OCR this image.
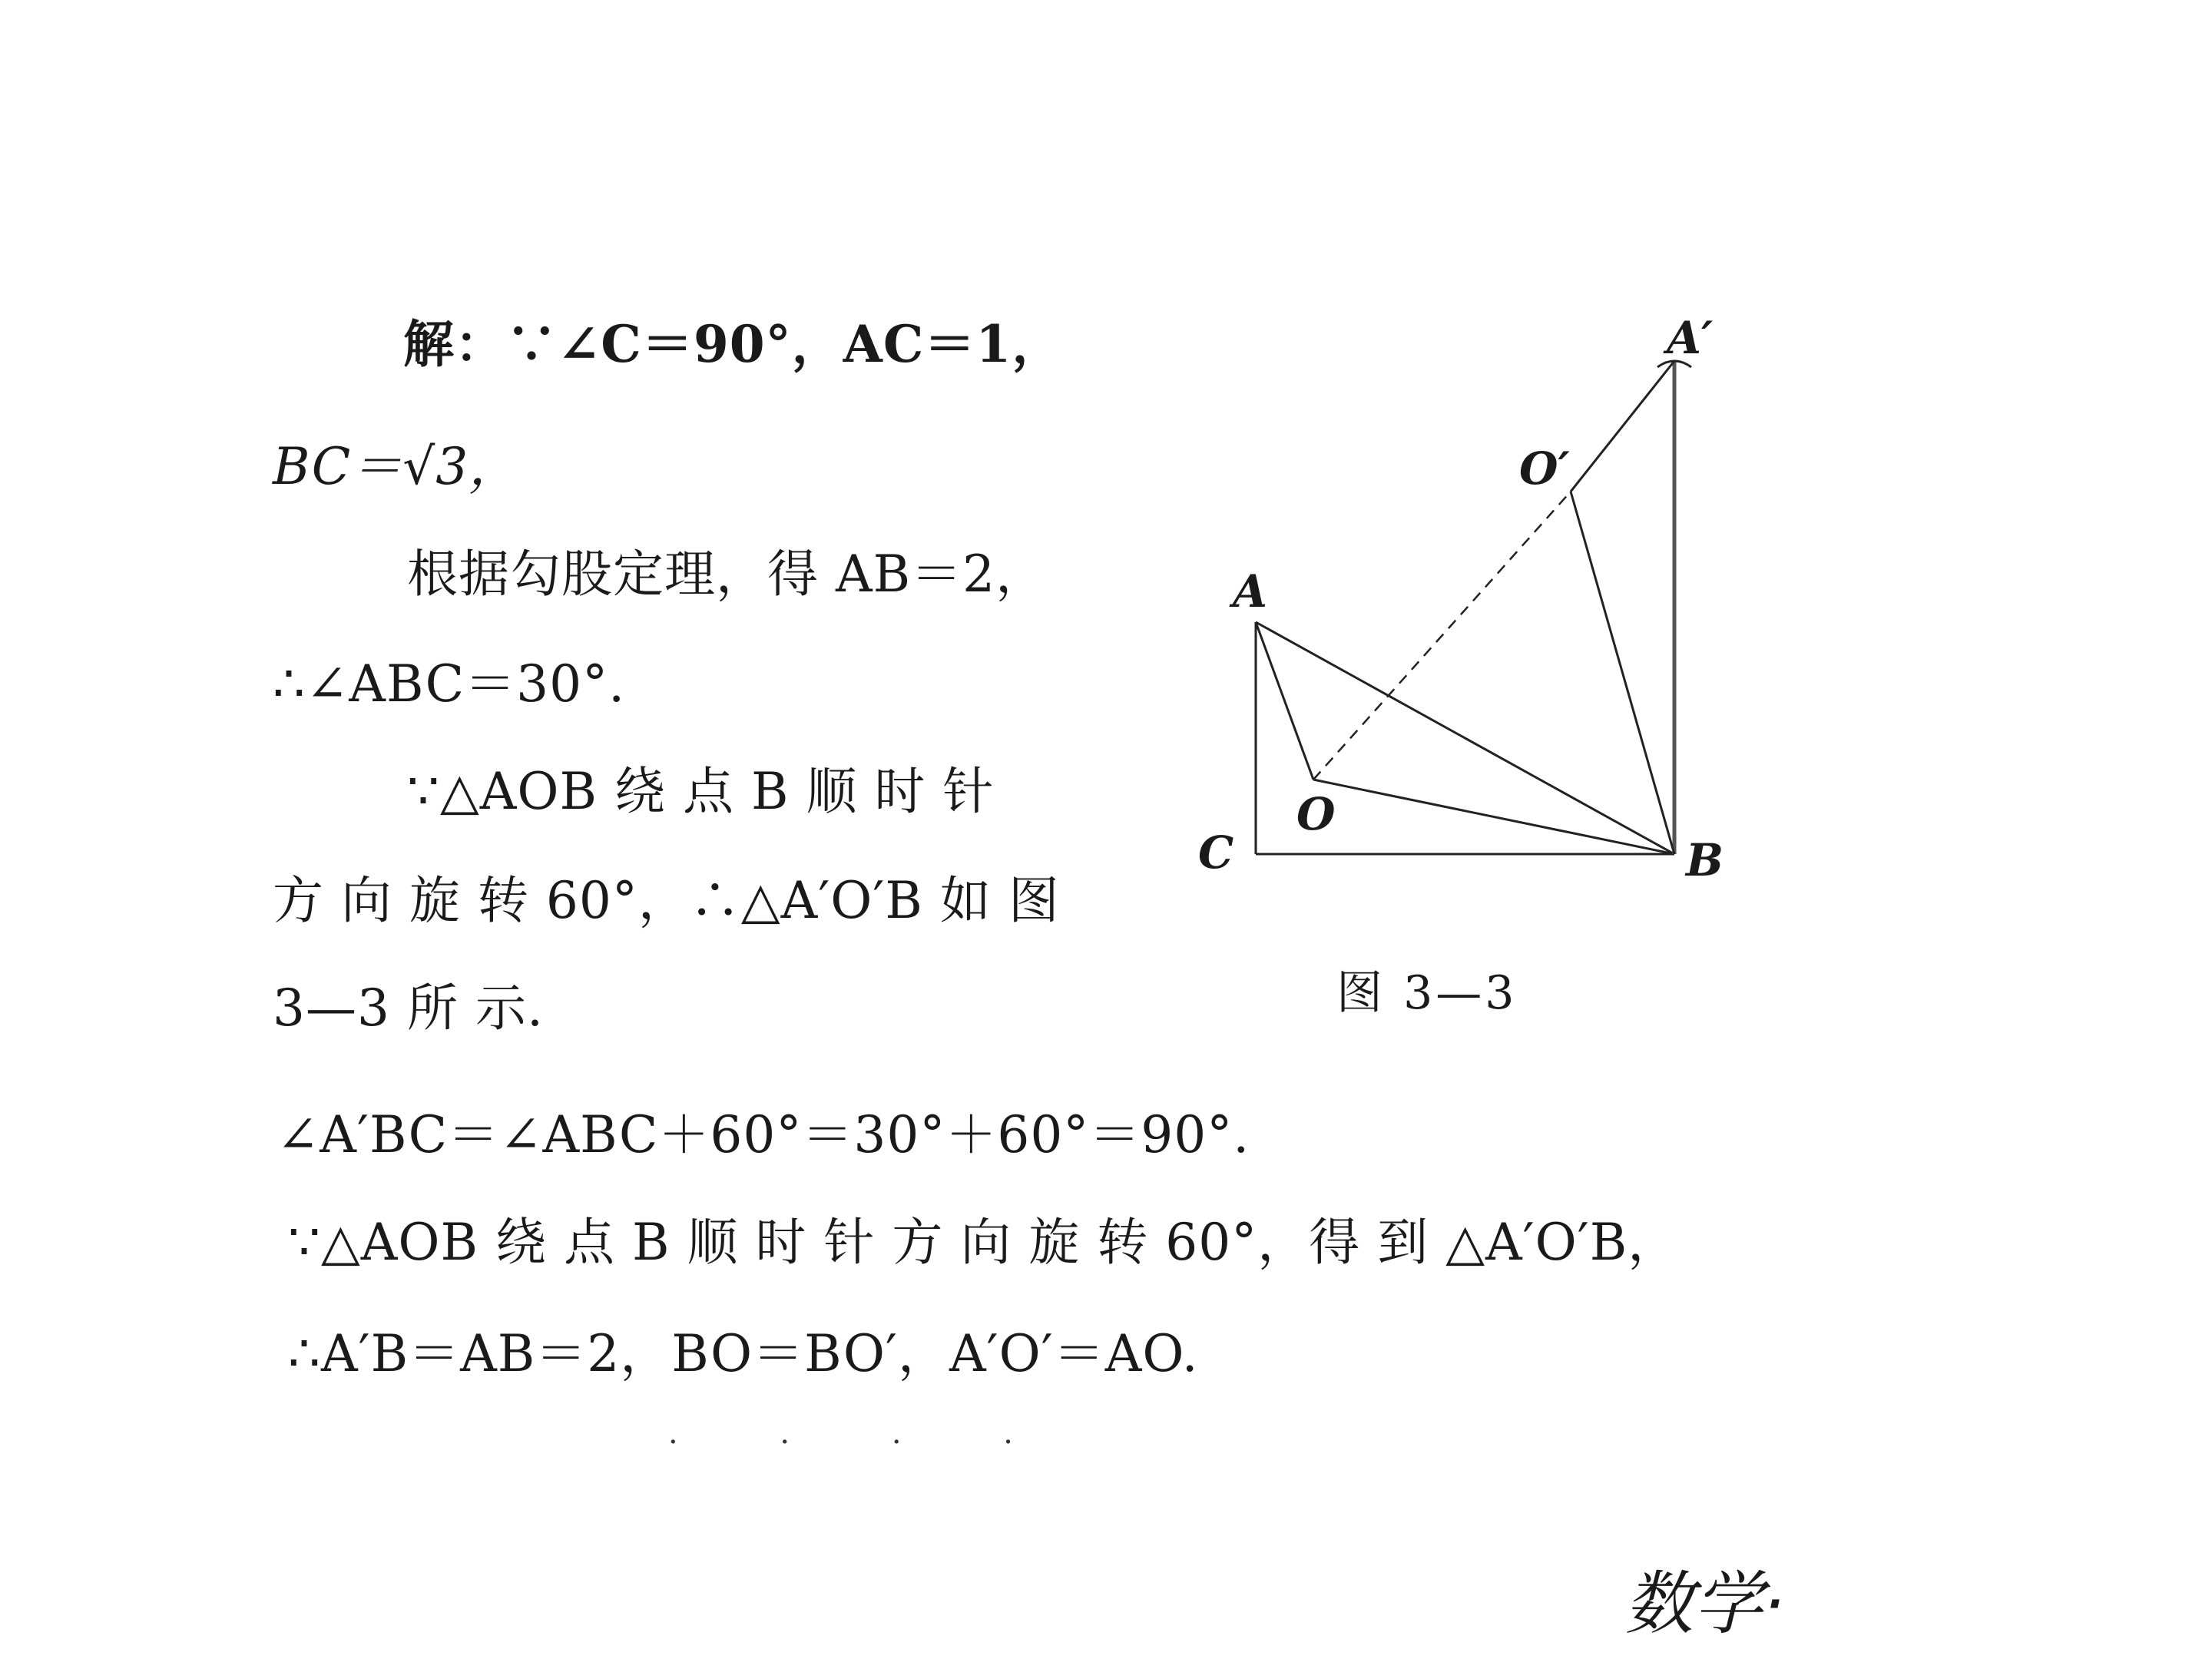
解：∵∠C＝90°，AC＝1，
BC＝√3，
根据勾股定理，得 AB＝2，
∴∠ABC＝30°.
∵△AOB 绕 点 B 顺 时 针
方 向 旋 转 60°，∴△A′O′B 如 图
3—3 所 示.
∠A′BC＝∠ABC＋60°＝30°＋60°＝90°.
∵△AOB 绕 点 B 顺 时 针 方 向 旋 转 60°，得 到 △A′O′B，
∴A′B＝AB＝2，BO＝BO′，A′O′＝AO.
· · · ·
A
A′
O
O′
B
C
图 3—3
数学·
